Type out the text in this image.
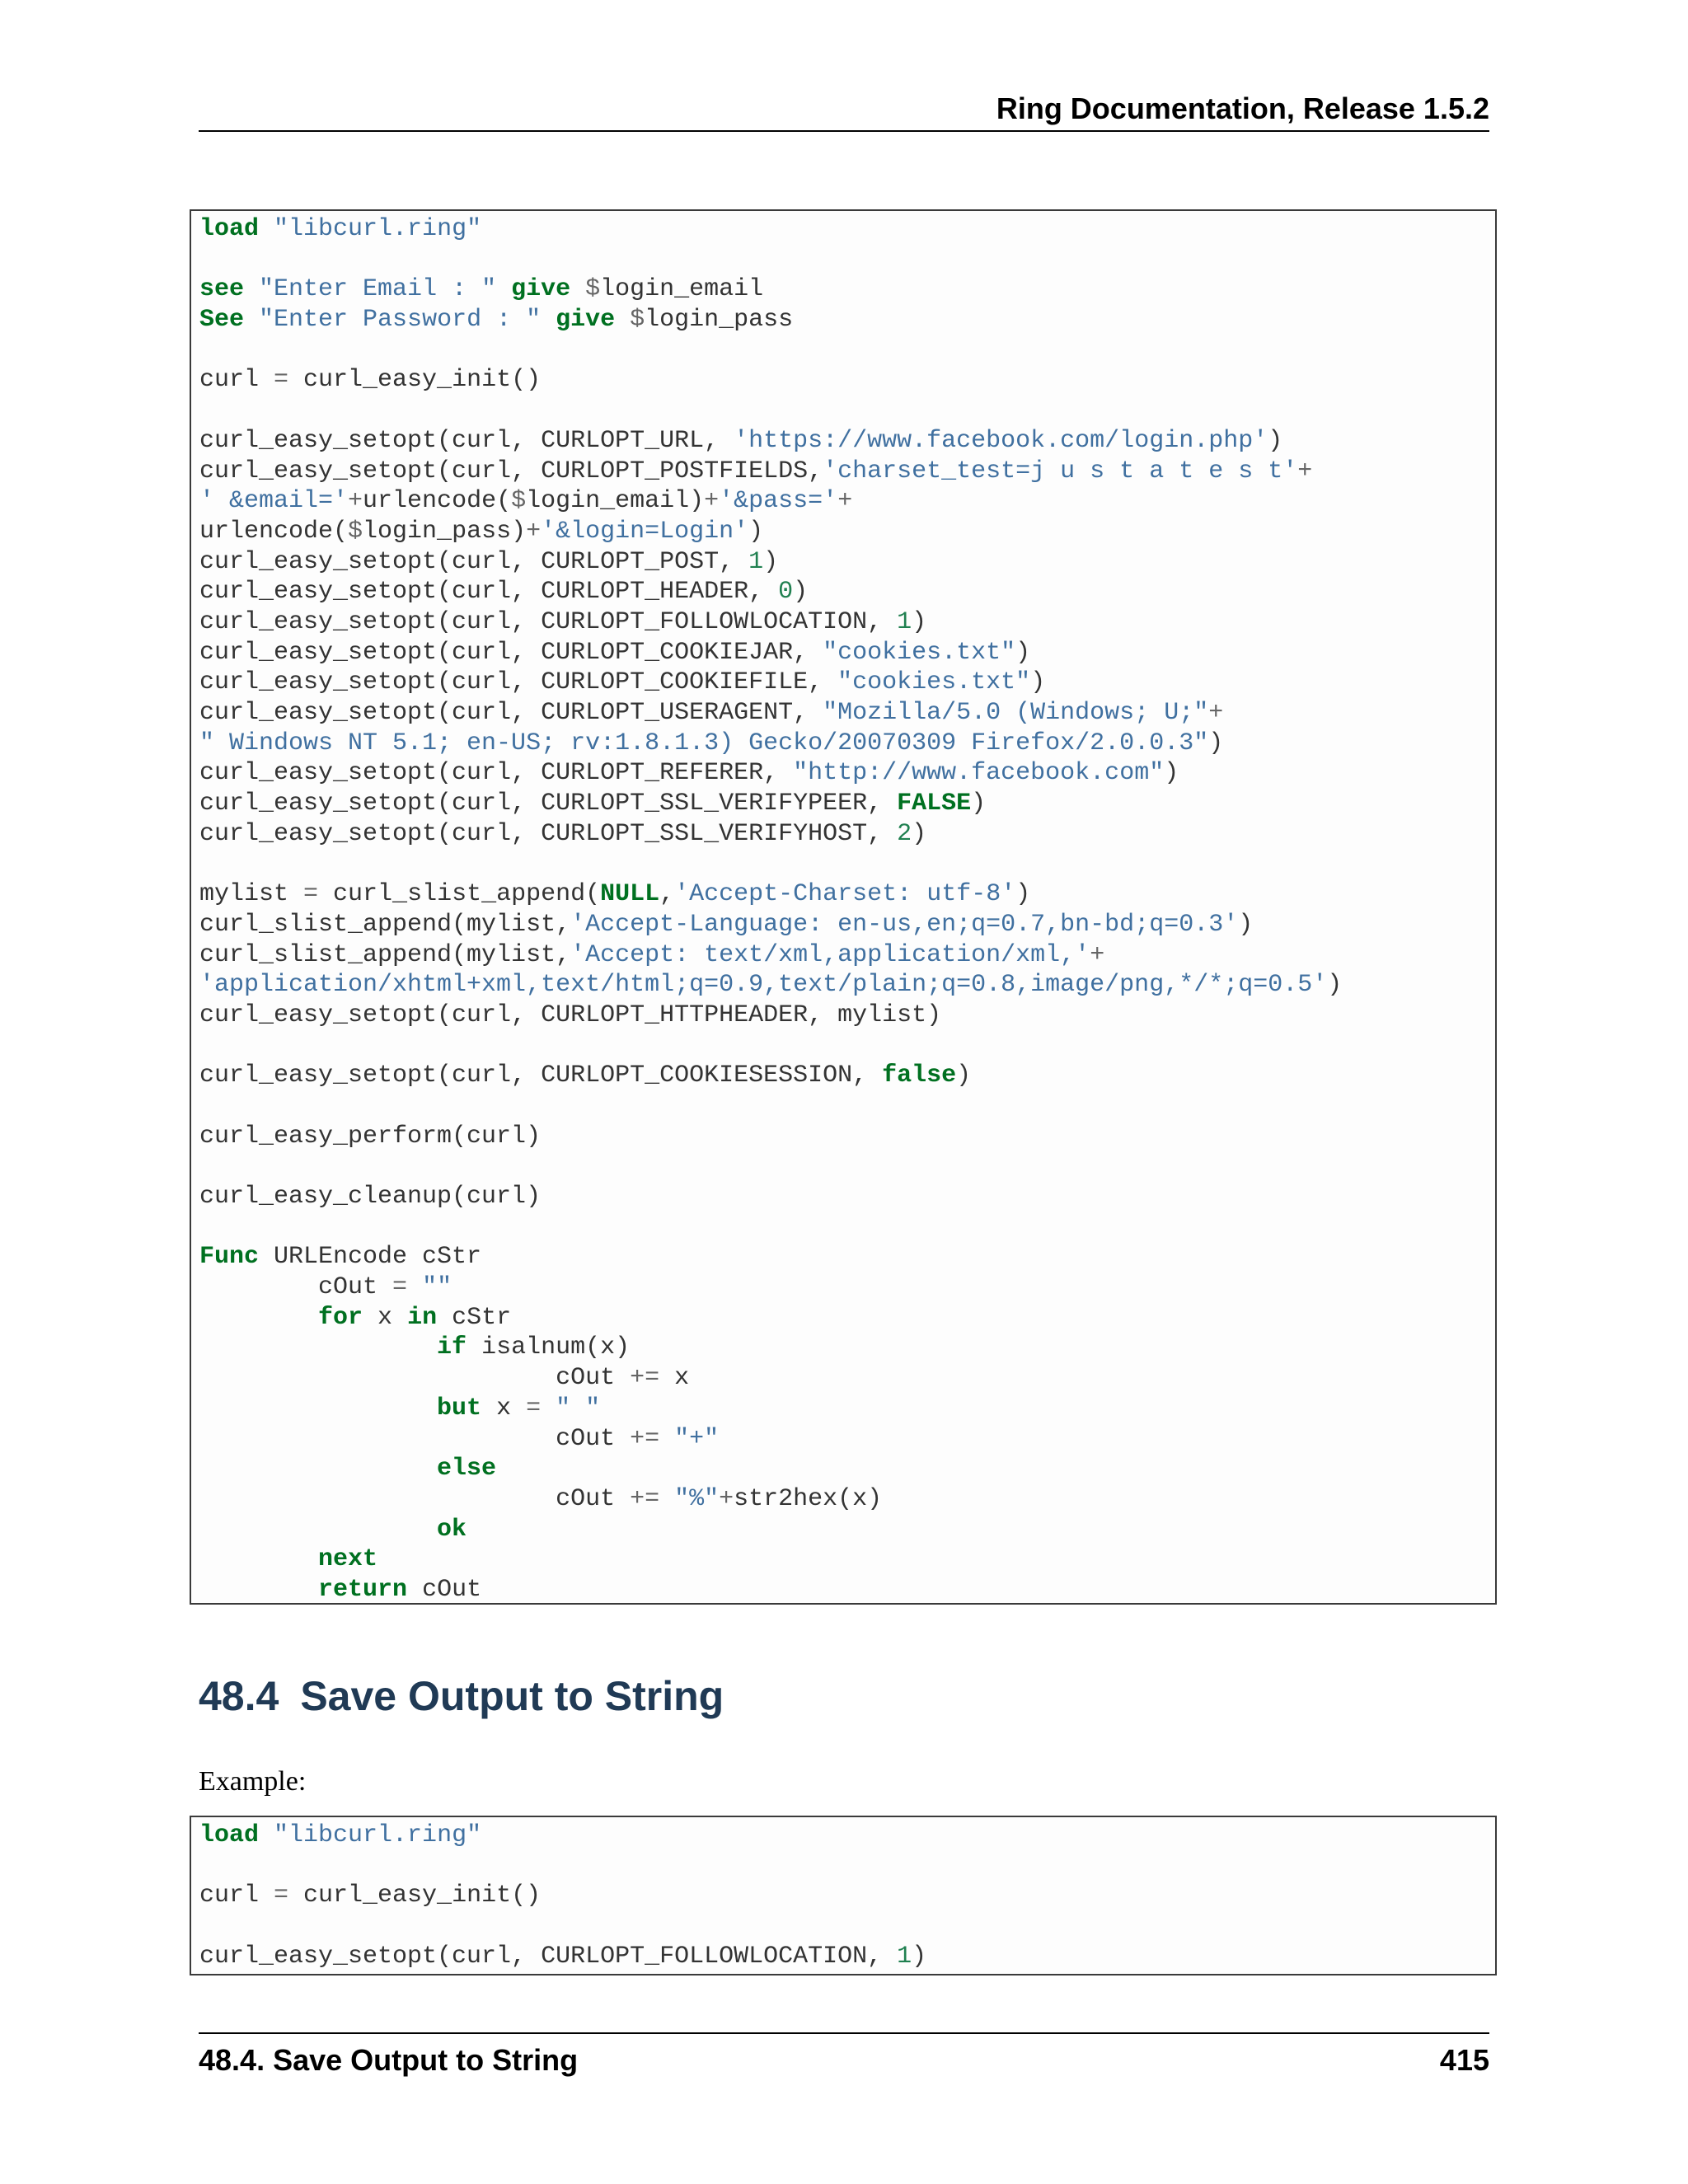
Ring Documentation, Release 1.5.2
load "libcurl.ring"

see "Enter Email : " give $login_email
See "Enter Password : " give $login_pass

curl = curl_easy_init()

curl_easy_setopt(curl, CURLOPT_URL, 'https://www.facebook.com/login.php')
curl_easy_setopt(curl, CURLOPT_POSTFIELDS,'charset_test=j u s t a t e s t'+
' &email='+urlencode($login_email)+'&pass='+
urlencode($login_pass)+'&login=Login')
curl_easy_setopt(curl, CURLOPT_POST, 1)
curl_easy_setopt(curl, CURLOPT_HEADER, 0)
curl_easy_setopt(curl, CURLOPT_FOLLOWLOCATION, 1)
curl_easy_setopt(curl, CURLOPT_COOKIEJAR, "cookies.txt")
curl_easy_setopt(curl, CURLOPT_COOKIEFILE, "cookies.txt")
curl_easy_setopt(curl, CURLOPT_USERAGENT, "Mozilla/5.0 (Windows; U;"+
" Windows NT 5.1; en-US; rv:1.8.1.3) Gecko/20070309 Firefox/2.0.0.3")
curl_easy_setopt(curl, CURLOPT_REFERER, "http://www.facebook.com")
curl_easy_setopt(curl, CURLOPT_SSL_VERIFYPEER, FALSE)
curl_easy_setopt(curl, CURLOPT_SSL_VERIFYHOST, 2)

mylist = curl_slist_append(NULL,'Accept-Charset: utf-8')
curl_slist_append(mylist,'Accept-Language: en-us,en;q=0.7,bn-bd;q=0.3')
curl_slist_append(mylist,'Accept: text/xml,application/xml,'+
'application/xhtml+xml,text/html;q=0.9,text/plain;q=0.8,image/png,*/*;q=0.5')
curl_easy_setopt(curl, CURLOPT_HTTPHEADER, mylist)

curl_easy_setopt(curl, CURLOPT_COOKIESESSION, false)

curl_easy_perform(curl)

curl_easy_cleanup(curl)

Func URLEncode cStr
cOut = ""
for x in cStr
if isalnum(x)
cOut += x
but x = " "
cOut += "+"
else
cOut += "%"+str2hex(x)
ok
next
return cOut
48.4 Save Output to String
Example:
load "libcurl.ring"

curl = curl_easy_init()

curl_easy_setopt(curl, CURLOPT_FOLLOWLOCATION, 1)
48.4. Save Output to String	415
